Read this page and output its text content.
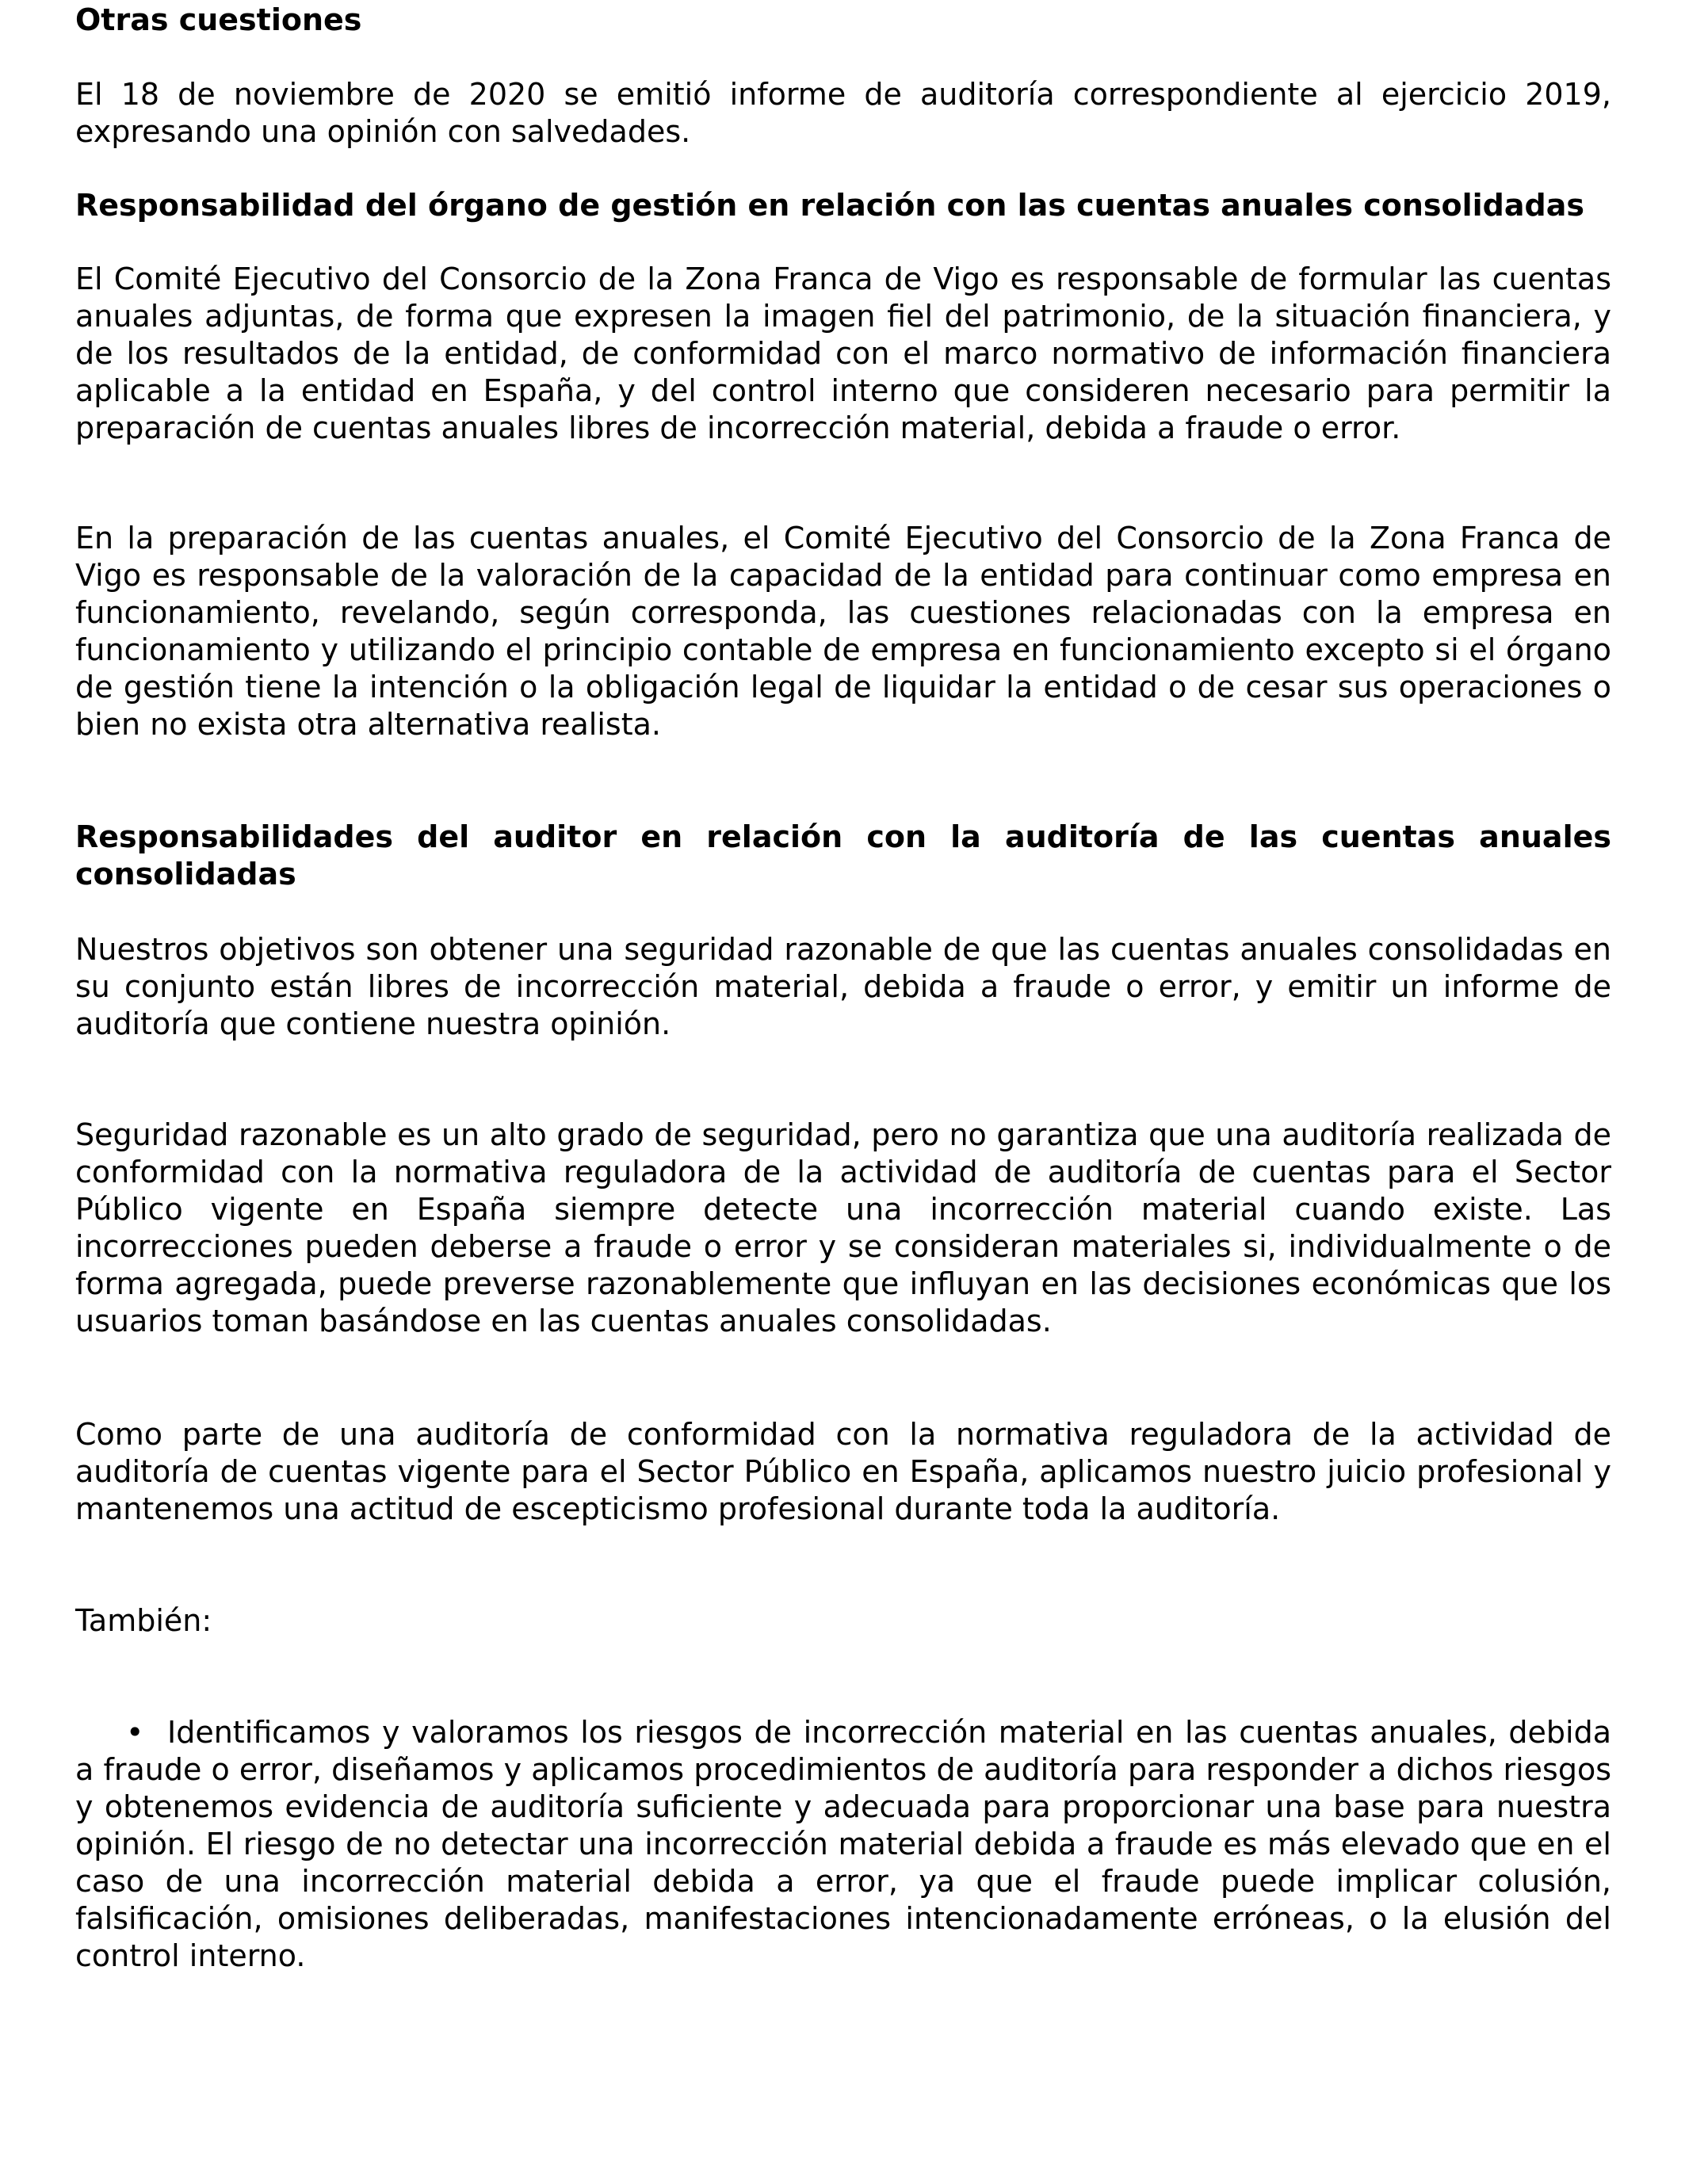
Otras cuestiones

El 18 de noviembre de 2020 se emitió informe de auditoría correspondiente al ejercicio 2019, expresando una opinión con salvedades.

Responsabilidad del órgano de gestión en relación con las cuentas anuales consolidadas

El Comité Ejecutivo del Consorcio de la Zona Franca de Vigo es responsable de formular las cuentas anuales adjuntas, de forma que expresen la imagen fiel del patrimonio, de la situación financiera, y de los resultados de la entidad, de conformidad con el marco normativo de información financiera aplicable a la entidad en España, y del control interno que consideren necesario para permitir la preparación de cuentas anuales libres de incorrección material, debida a fraude o error.

En la preparación de las cuentas anuales, el Comité Ejecutivo del Consorcio de la Zona Franca de Vigo es responsable de la valoración de la capacidad de la entidad para continuar como empresa en funcionamiento, revelando, según corresponda, las cuestiones relacionadas con la empresa en funcionamiento y utilizando el principio contable de empresa en funcionamiento excepto si el órgano de gestión tiene la intención o la obligación legal de liquidar la entidad o de cesar sus operaciones o bien no exista otra alternativa realista.

Responsabilidades del auditor en relación con la auditoría de las cuentas anuales consolidadas

Nuestros objetivos son obtener una seguridad razonable de que las cuentas anuales consolidadas en su conjunto están libres de incorrección material, debida a fraude o error, y emitir un informe de auditoría que contiene nuestra opinión.

Seguridad razonable es un alto grado de seguridad, pero no garantiza que una auditoría realizada de conformidad con la normativa reguladora de la actividad de auditoría de cuentas para el Sector Público vigente en España siempre detecte una incorrección material cuando existe. Las incorrecciones pueden deberse a fraude o error y se consideran materiales si, individualmente o de forma agregada, puede preverse razonablemente que influyan en las decisiones económicas que los usuarios toman basándose en las cuentas anuales consolidadas.

Como parte de una auditoría de conformidad con la normativa reguladora de la actividad de auditoría de cuentas vigente para el Sector Público en España, aplicamos nuestro juicio profesional y mantenemos una actitud de escepticismo profesional durante toda la auditoría.

También:

• Identificamos y valoramos los riesgos de incorrección material en las cuentas anuales, debida a fraude o error, diseñamos y aplicamos procedimientos de auditoría para responder a dichos riesgos y obtenemos evidencia de auditoría suficiente y adecuada para proporcionar una base para nuestra opinión. El riesgo de no detectar una incorrección material debida a fraude es más elevado que en el caso de una incorrección material debida a error, ya que el fraude puede implicar colusión, falsificación, omisiones deliberadas, manifestaciones intencionadamente erróneas, o la elusión del control interno.
